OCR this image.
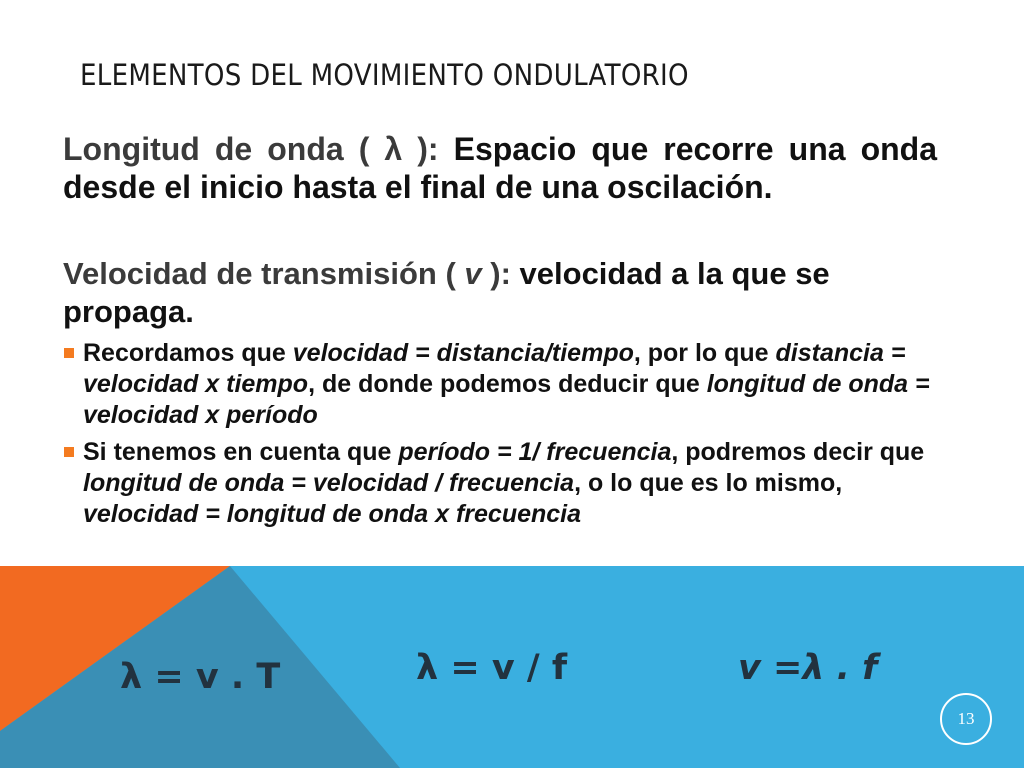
ELEMENTOS DEL MOVIMIENTO ONDULATORIO
Longitud de onda ( λ ): Espacio que recorre una onda desde el inicio hasta el final de una oscilación.
Velocidad de transmisión ( v ): velocidad a la que se propaga.
Recordamos que velocidad = distancia/tiempo, por lo que distancia = velocidad x tiempo, de donde podemos deducir que longitud de onda = velocidad x período
Si tenemos en cuenta que período = 1/ frecuencia, podremos decir que longitud de onda = velocidad / frecuencia, o lo que es lo mismo, velocidad = longitud de onda x frecuencia
λ = v . T	λ = v / f	v =λ . f
13
